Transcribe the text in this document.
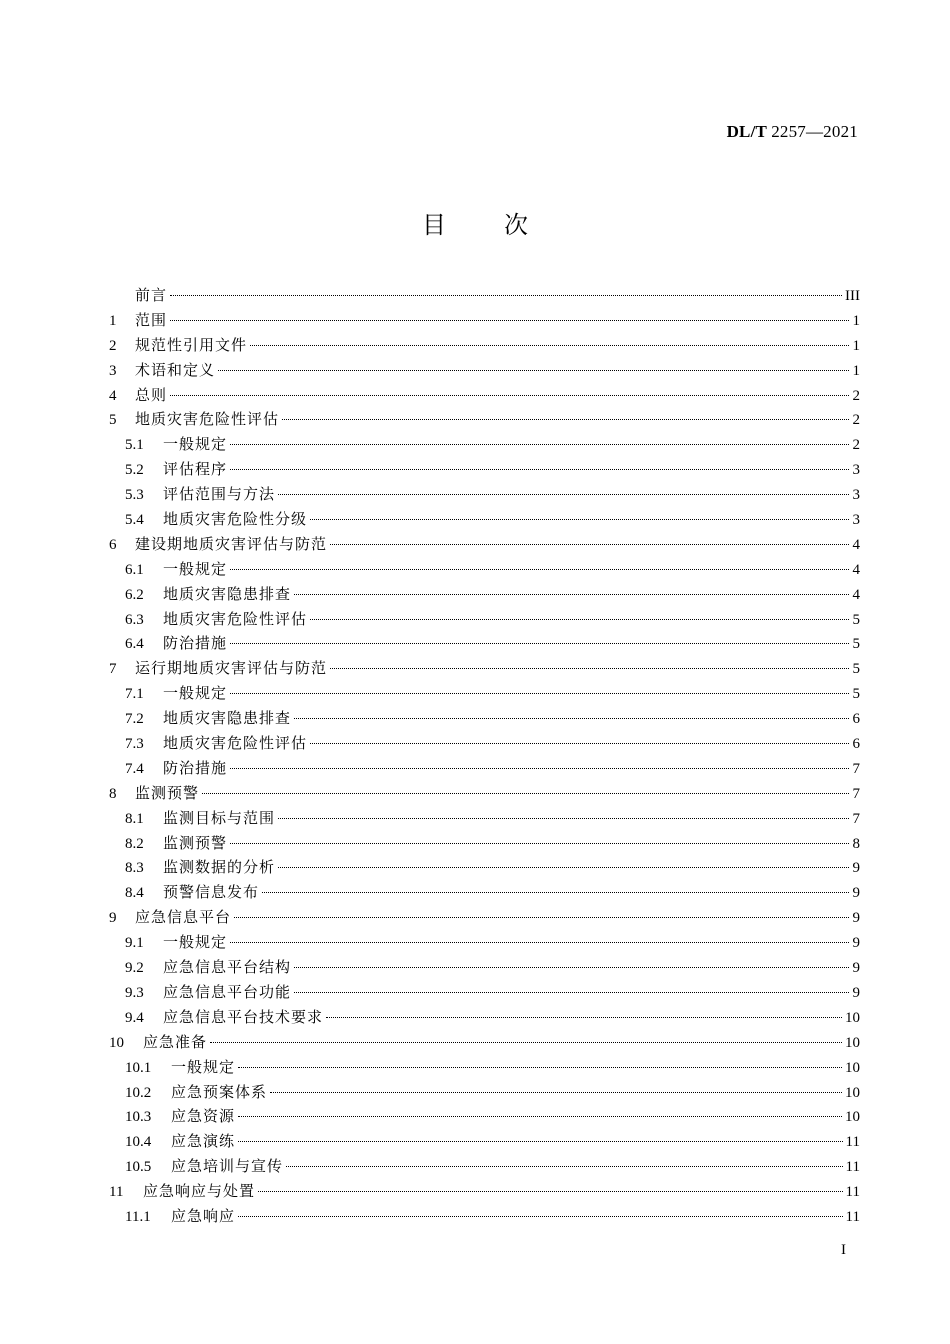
DL/T 2257—2021
目次
前言	III
1	范围	1
2	规范性引用文件	1
3	术语和定义	1
4	总则	2
5	地质灾害危险性评估	2
5.1	一般规定	2
5.2	评估程序	3
5.3	评估范围与方法	3
5.4	地质灾害危险性分级	3
6	建设期地质灾害评估与防范	4
6.1	一般规定	4
6.2	地质灾害隐患排查	4
6.3	地质灾害危险性评估	5
6.4	防治措施	5
7	运行期地质灾害评估与防范	5
7.1	一般规定	5
7.2	地质灾害隐患排查	6
7.3	地质灾害危险性评估	6
7.4	防治措施	7
8	监测预警	7
8.1	监测目标与范围	7
8.2	监测预警	8
8.3	监测数据的分析	9
8.4	预警信息发布	9
9	应急信息平台	9
9.1	一般规定	9
9.2	应急信息平台结构	9
9.3	应急信息平台功能	9
9.4	应急信息平台技术要求	10
10	应急准备	10
10.1	一般规定	10
10.2	应急预案体系	10
10.3	应急资源	10
10.4	应急演练	11
10.5	应急培训与宣传	11
11	应急响应与处置	11
11.1	应急响应	11
I
